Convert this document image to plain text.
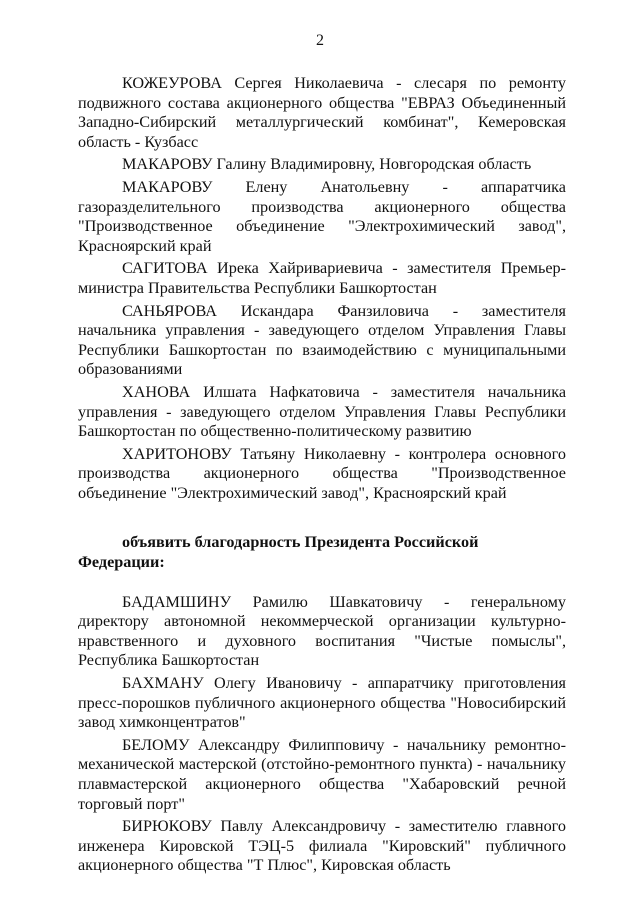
2

КОЖЕУРОВА Сергея Николаевича - слесаря по ремонту подвижного состава акционерного общества "ЕВРАЗ Объединенный Западно-Сибирский металлургический комбинат", Кемеровская область - Кузбасс

МАКАРОВУ Галину Владимировну, Новгородская область

МАКАРОВУ Елену Анатольевну - аппаратчика газоразделительного производства акционерного общества "Производственное объединение "Электрохимический завод", Красноярский край

САГИТОВА Ирека Хайривариевича - заместителя Премьер-министра Правительства Республики Башкортостан

САНЬЯРОВА Искандара Фанзиловича - заместителя начальника управления - заведующего отделом Управления Главы Республики Башкортостан по взаимодействию с муниципальными образованиями

ХАНОВА Илшата Нафкатовича - заместителя начальника управления - заведующего отделом Управления Главы Республики Башкортостан по общественно-политическому развитию

ХАРИТОНОВУ Татьяну Николаевну - контролера основного производства акционерного общества "Производственное объединение "Электрохимический завод", Красноярский край

объявить благодарность Президента Российской Федерации:

БАДАМШИНУ Рамилю Шавкатовичу - генеральному директору автономной некоммерческой организации культурно-нравственного и духовного воспитания "Чистые помыслы", Республика Башкортостан

БАХМАНУ Олегу Ивановичу - аппаратчику приготовления пресс-порошков публичного акционерного общества "Новосибирский завод химконцентратов"

БЕЛОМУ Александру Филипповичу - начальнику ремонтно-механической мастерской (отстойно-ремонтного пункта) - начальнику плавмастерской акционерного общества "Хабаровский речной торговый порт"

БИРЮКОВУ Павлу Александровичу - заместителю главного инженера Кировской ТЭЦ-5 филиала "Кировский" публичного акционерного общества "Т Плюс", Кировская область
